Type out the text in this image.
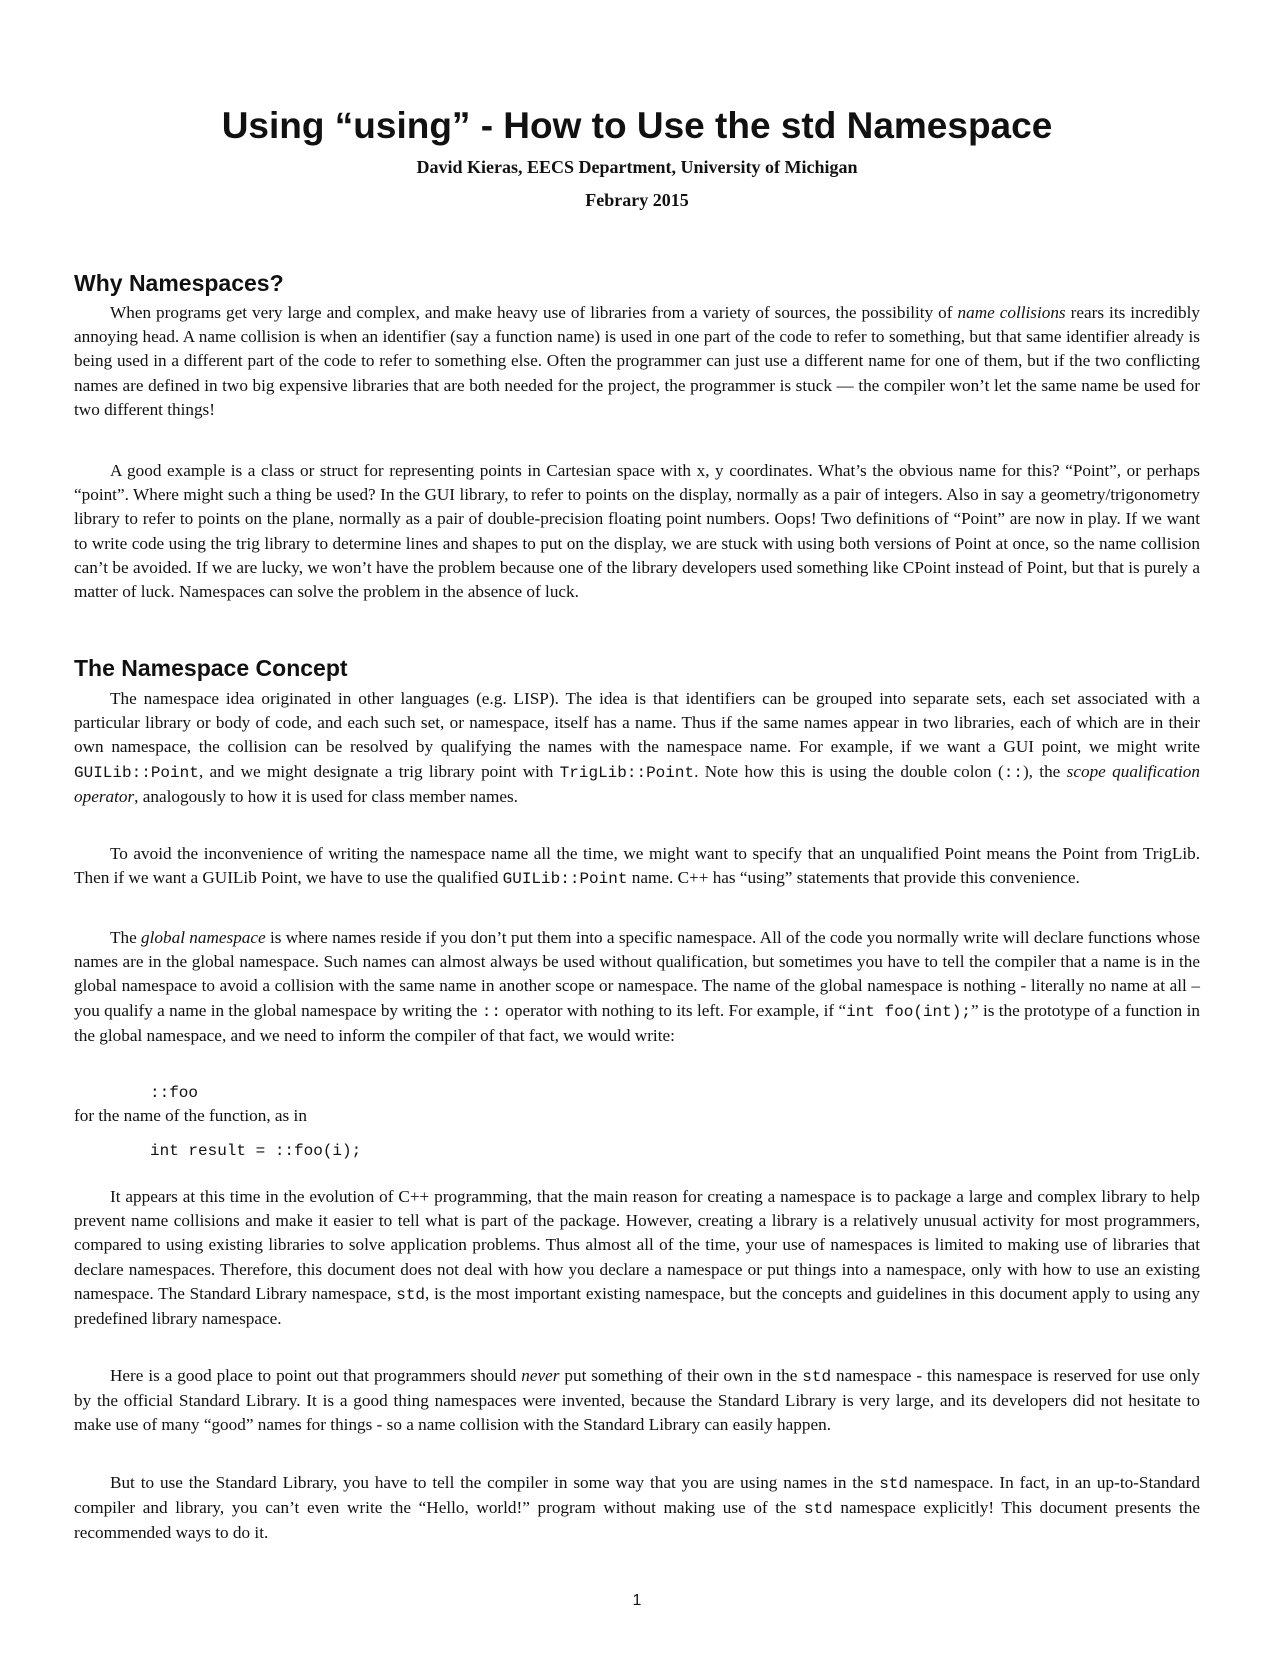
Using “using” - How to Use the std Namespace
David Kieras, EECS Department, University of Michigan
Febrary 2015
Why Namespaces?

When programs get very large and complex, and make heavy use of libraries from a variety of sources, the possibility of name collisions rears its incredibly annoying head. A name collision is when an identifier (say a function name) is used in one part of the code to refer to something, but that same identifier already is being used in a different part of the code to refer to something else. Often the programmer can just use a different name for one of them, but if the two conflicting names are defined in two big expensive libraries that are both needed for the project, the programmer is stuck — the compiler won’t let the same name be used for two different things!

A good example is a class or struct for representing points in Cartesian space with x, y coordinates. What’s the obvious name for this? “Point”, or perhaps “point”. Where might such a thing be used? In the GUI library, to refer to points on the display, normally as a pair of integers. Also in say a geometry/trigonometry library to refer to points on the plane, normally as a pair of double-precision floating point numbers. Oops! Two definitions of “Point” are now in play. If we want to write code using the trig library to determine lines and shapes to put on the display, we are stuck with using both versions of Point at once, so the name collision can’t be avoided. If we are lucky, we won’t have the problem because one of the library developers used something like CPoint instead of Point, but that is purely a matter of luck. Namespaces can solve the problem in the absence of luck.

The Namespace Concept

The namespace idea originated in other languages (e.g. LISP). The idea is that identifiers can be grouped into separate sets, each set associated with a particular library or body of code, and each such set, or namespace, itself has a name. Thus if the same names appear in two libraries, each of which are in their own namespace, the collision can be resolved by qualifying the names with the namespace name. For example, if we want a GUI point, we might write GUILib::Point, and we might designate a trig library point with TrigLib::Point. Note how this is using the double colon (::), the scope qualification operator, analogously to how it is used for class member names.

To avoid the inconvenience of writing the namespace name all the time, we might want to specify that an unqualified Point means the Point from TrigLib. Then if we want a GUILib Point, we have to use the qualified GUILib::Point name. C++ has “using” statements that provide this convenience.

The global namespace is where names reside if you don’t put them into a specific namespace. All of the code you normally write will declare functions whose names are in the global namespace. Such names can almost always be used without qualification, but sometimes you have to tell the compiler that a name is in the global namespace to avoid a collision with the same name in another scope or namespace. The name of the global namespace is nothing - literally no name at all – you qualify a name in the global namespace by writing the :: operator with nothing to its left. For example, if “int foo(int);” is the prototype of a function in the global namespace, and we need to inform the compiler of that fact, we would write:

::foo

for the name of the function, as in

int result = ::foo(i);

It appears at this time in the evolution of C++ programming, that the main reason for creating a namespace is to package a large and complex library to help prevent name collisions and make it easier to tell what is part of the package. However, creating a library is a relatively unusual activity for most programmers, compared to using existing libraries to solve application problems. Thus almost all of the time, your use of namespaces is limited to making use of libraries that declare namespaces. Therefore, this document does not deal with how you declare a namespace or put things into a namespace, only with how to use an existing namespace. The Standard Library namespace, std, is the most important existing namespace, but the concepts and guidelines in this document apply to using any predefined library namespace.

Here is a good place to point out that programmers should never put something of their own in the std namespace - this namespace is reserved for use only by the official Standard Library. It is a good thing namespaces were invented, because the Standard Library is very large, and its developers did not hesitate to make use of many “good” names for things - so a name collision with the Standard Library can easily happen.

But to use the Standard Library, you have to tell the compiler in some way that you are using names in the std namespace. In fact, in an up-to-Standard compiler and library, you can’t even write the “Hello, world!” program without making use of the std namespace explicitly! This document presents the recommended ways to do it.

1
